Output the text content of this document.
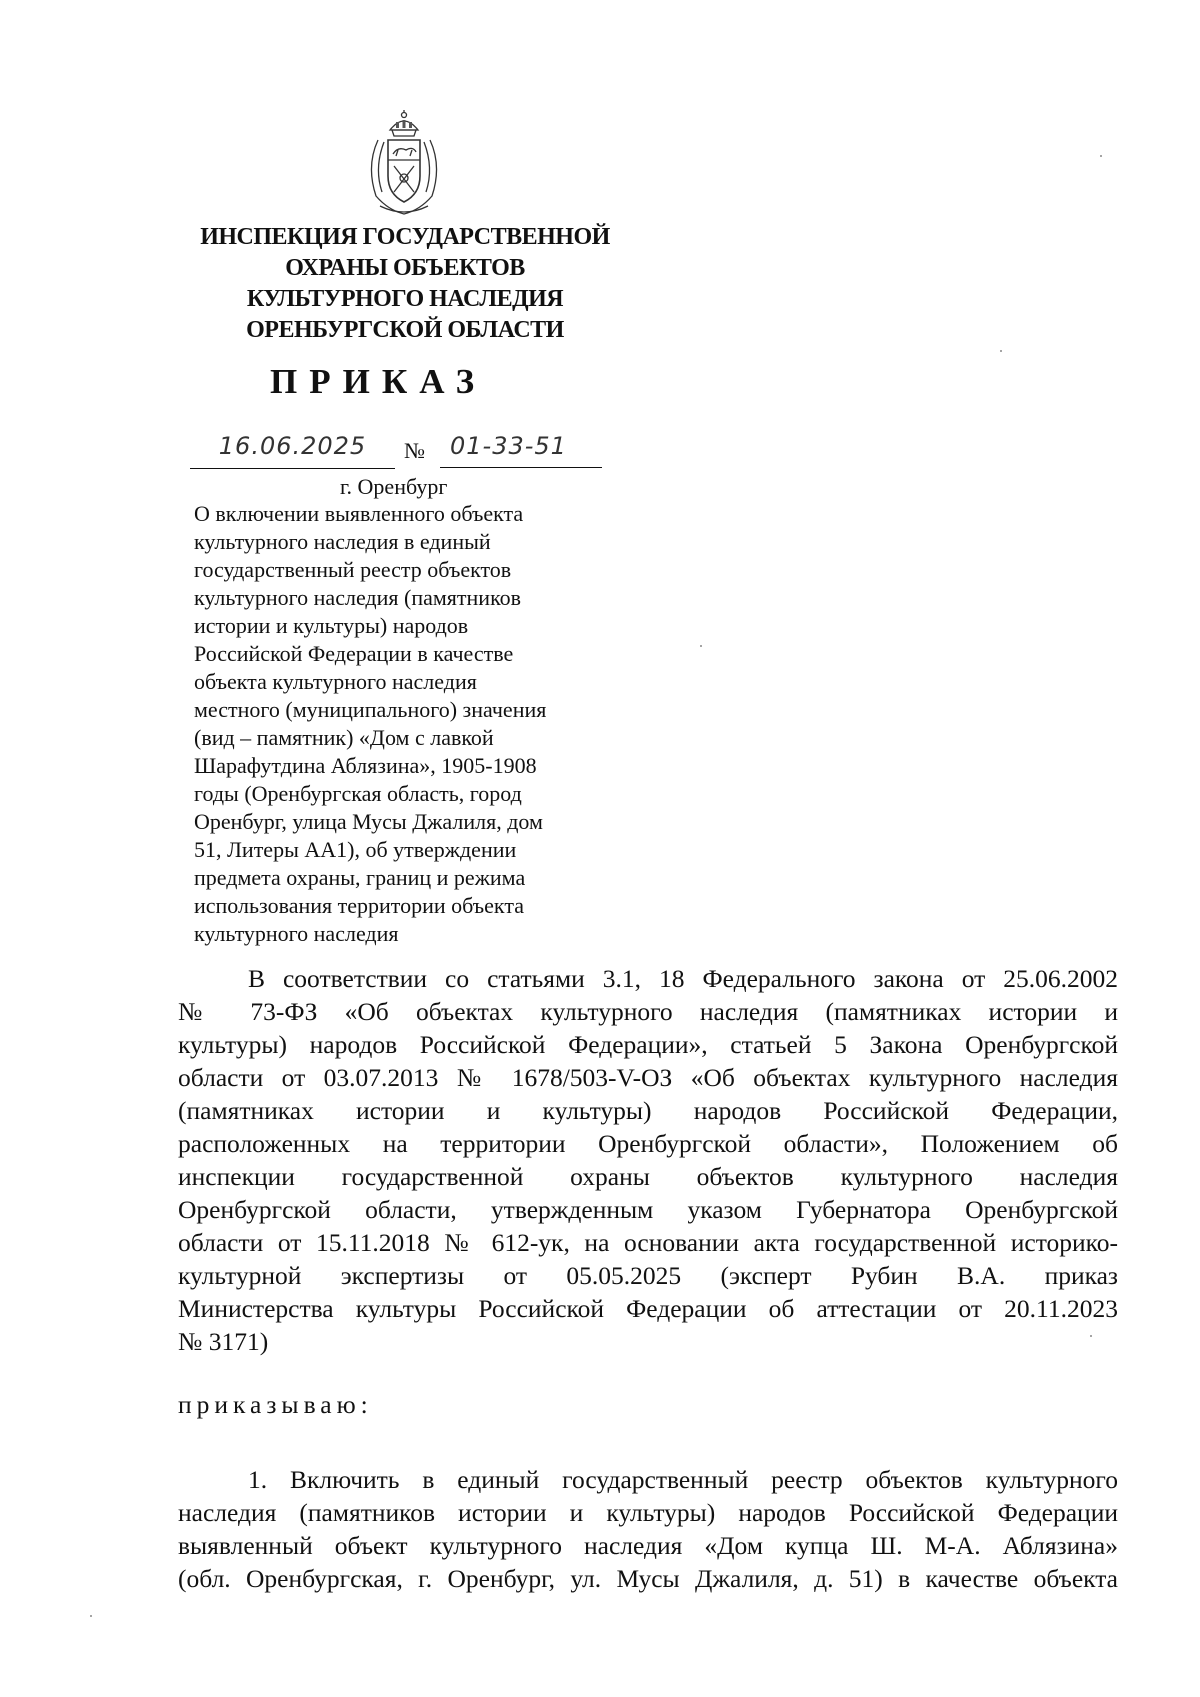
ИНСПЕКЦИЯ ГОСУДАРСТВЕННОЙ
ОХРАНЫ ОБЪЕКТОВ
КУЛЬТУРНОГО НАСЛЕДИЯ
ОРЕНБУРГСКОЙ ОБЛАСТИ
ПРИКАЗ
16.06.2025	№	01-33-51
г. Оренбург
О включении выявленного объекта
культурного наследия в единый
государственный реестр объектов
культурного наследия (памятников
истории и культуры) народов
Российской Федерации в качестве
объекта культурного наследия
местного (муниципального) значения
(вид – памятник) «Дом с лавкой
Шарафутдина Аблязина», 1905-1908
годы (Оренбургская область, город
Оренбург, улица Мусы Джалиля, дом
51, Литеры АА1), об утверждении
предмета охраны, границ и режима
использования территории объекта
культурного наследия
В соответствии со статьями 3.1, 18 Федерального закона от 25.06.2002
№ 73-ФЗ «Об объектах культурного наследия (памятниках истории и
культуры) народов Российской Федерации», статьей 5 Закона Оренбургской
области от 03.07.2013 № 1678/503-V-ОЗ «Об объектах культурного наследия
(памятниках истории и культуры) народов Российской Федерации,
расположенных на территории Оренбургской области», Положением об
инспекции государственной охраны объектов культурного наследия
Оренбургской области, утвержденным указом Губернатора Оренбургской
области от 15.11.2018 № 612-ук, на основании акта государственной историко-
культурной экспертизы от 05.05.2025 (эксперт Рубин В.А. приказ
Министерства культуры Российской Федерации об аттестации от 20.11.2023
№ 3171)
приказываю:
1. Включить в единый государственный реестр объектов культурного
наследия (памятников истории и культуры) народов Российской Федерации
выявленный объект культурного наследия «Дом купца Ш. М-А. Аблязина»
(обл. Оренбургская, г. Оренбург, ул. Мусы Джалиля, д. 51) в качестве объекта
